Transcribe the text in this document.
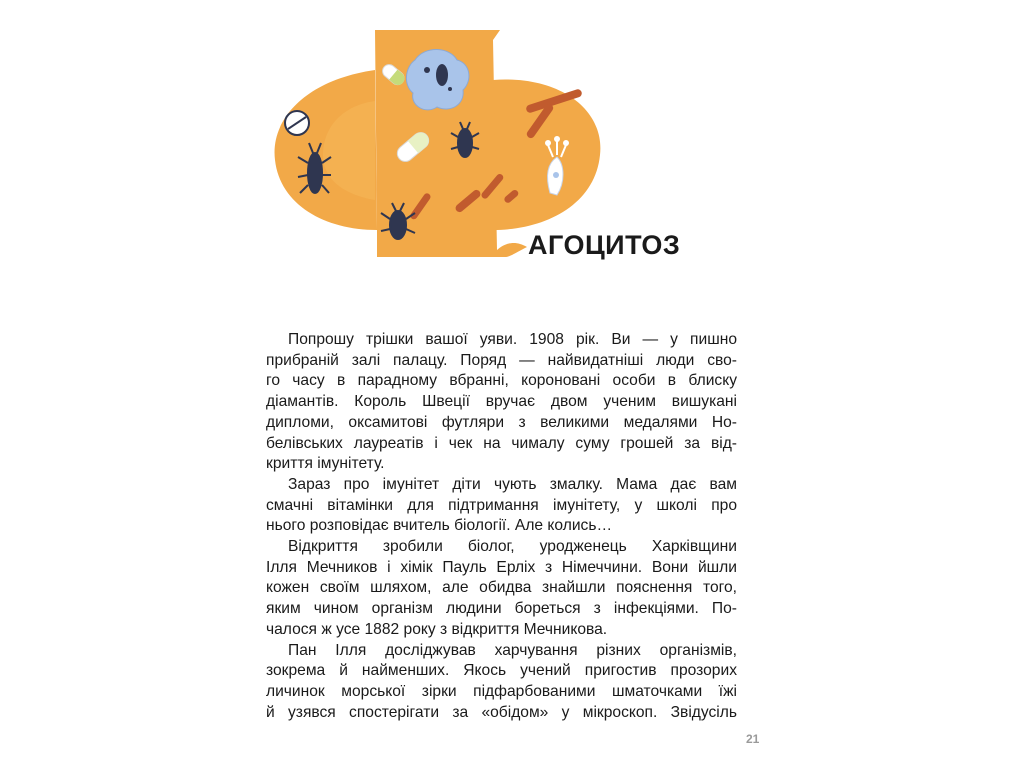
АГОЦИТОЗ
Попрошу трішки вашої уяви. 1908 рік. Ви — у пишно
прибраній залі палацу. Поряд — найвидатніші люди сво-
го часу в парадному вбранні, короновані особи в блиску
діамантів. Король Швеції вручає двом ученим вишукані
дипломи, оксамитові футляри з великими медалями Но-
белівських лауреатів і чек на чималу суму грошей за від-
криття імунітету.
Зараз про імунітет діти чують змалку. Мама дає вам
смачні вітамінки для підтримання імунітету, у школі про
нього розповідає вчитель біології. Але колись…
Відкриття зробили біолог, уродженець Харківщини
Ілля Мечников і хімік Пауль Ерліх з Німеччини. Вони йшли
кожен своїм шляхом, але обидва знайшли пояснення того,
яким чином організм людини бореться з інфекціями. По-
чалося ж усе 1882 року з відкриття Мечникова.
Пан Ілля досліджував харчування різних організмів,
зокрема й найменших. Якось учений пригостив прозорих
личинок морської зірки підфарбованими шматочками їжі
й узявся спостерігати за «обідом» у мікроскоп. Звідусіль
21
